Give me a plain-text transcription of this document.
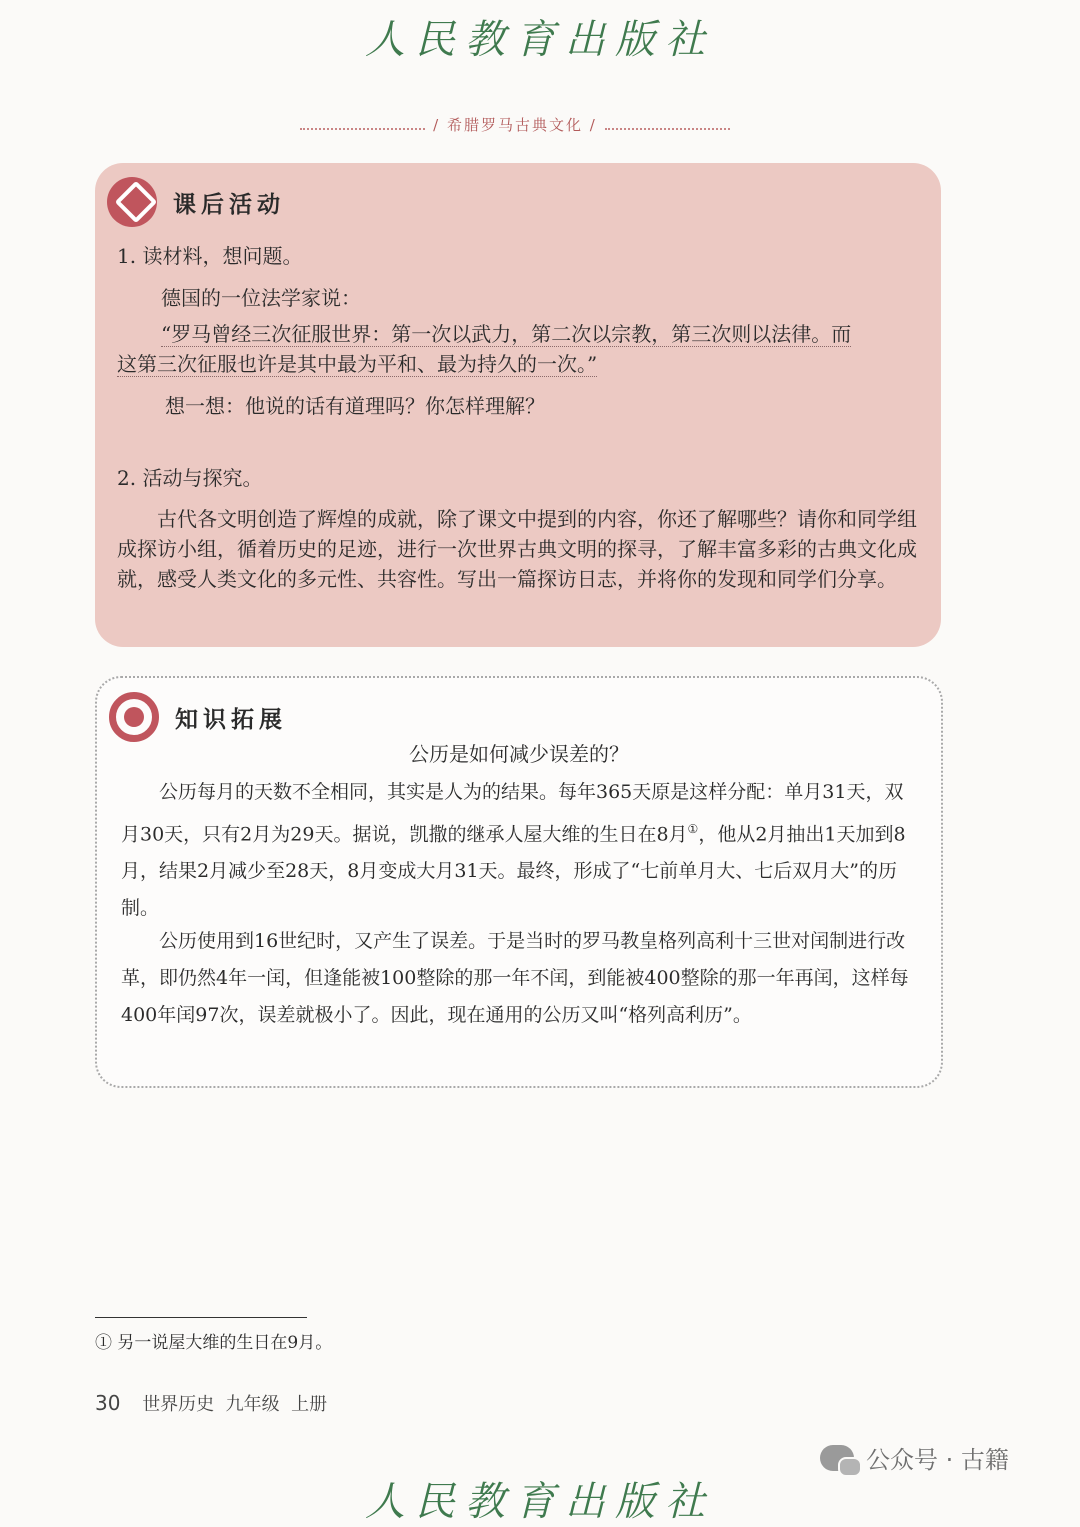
人民教育出版社
/ 希腊罗马古典文化 /
课后活动

1. 读材料，想问题。

德国的一位法学家说：

“罗马曾经三次征服世界：第一次以武力，第二次以宗教，第三次则以法律。而

这第三次征服也许是其中最为平和、最为持久的一次。”

想一想：他说的话有道理吗？你怎样理解？

2. 活动与探究。

古代各文明创造了辉煌的成就，除了课文中提到的内容，你还了解哪些？请你和同学组成探访小组，循着历史的足迹，进行一次世界古典文明的探寻，了解丰富多彩的古典文化成就，感受人类文化的多元性、共容性。写出一篇探访日志，并将你的发现和同学们分享。

知识拓展
公历是如何减少误差的？

公历每月的天数不全相同，其实是人为的结果。每年365天原是这样分配：单月31天，双月30天，只有2月为29天。据说，凯撒的继承人屋大维的生日在8月①，他从2月抽出1天加到8月，结果2月减少至28天，8月变成大月31天。最终，形成了“七前单月大、七后双月大”的历制。

公历使用到16世纪时，又产生了误差。于是当时的罗马教皇格列高利十三世对闰制进行改革，即仍然4年一闰，但逢能被100整除的那一年不闰，到能被400整除的那一年再闰，这样每400年闰97次，误差就极小了。因此，现在通用的公历又叫“格列高利历”。

① 另一说屋大维的生日在9月。
30 世界历史  九年级  上册
人民教育出版社
公众号 · 古籍
